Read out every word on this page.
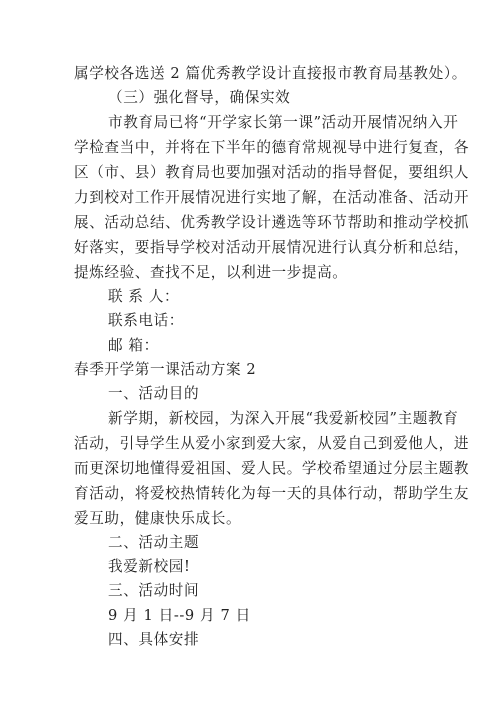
属学校各选送 2 篇优秀教学设计直接报市教育局基教处）。

（三）强化督导，确保实效

市教育局已将“开学家长第一课”活动开展情况纳入开

学检查当中，并将在下半年的德育常规视导中进行复查，各

区（市、县）教育局也要加强对活动的指导督促，要组织人

力到校对工作开展情况进行实地了解，在活动准备、活动开

展、活动总结、优秀教学设计遴选等环节帮助和推动学校抓

好落实，要指导学校对活动开展情况进行认真分析和总结，

提炼经验、查找不足，以利进一步提高。

联 系 人：

联系电话：

邮 箱：

春季开学第一课活动方案 2

一、活动目的

新学期，新校园，为深入开展“我爱新校园”主题教育

活动，引导学生从爱小家到爱大家，从爱自己到爱他人，进

而更深切地懂得爱祖国、爱人民。学校希望通过分层主题教

育活动，将爱校热情转化为每一天的具体行动，帮助学生友

爱互助，健康快乐成长。

二、活动主题

我爱新校园!

三、活动时间

9 月 1 日--9 月 7 日

四、具体安排
